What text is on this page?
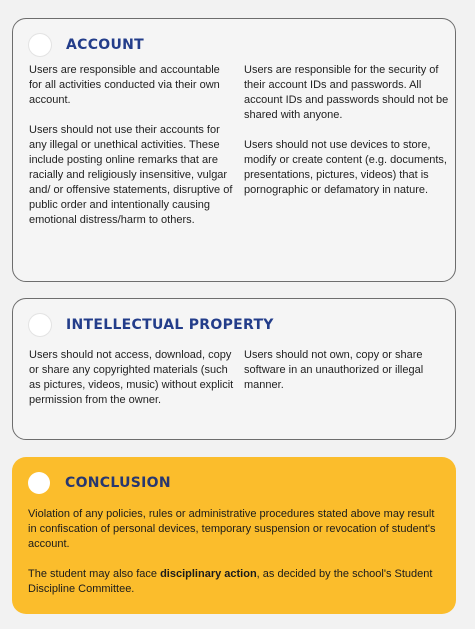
ACCOUNT

Users are responsible and accountable for all activities conducted via their own account.

Users should not use their accounts for any illegal or unethical activities. These include posting online remarks that are racially and religiously insensitive, vulgar and/ or offensive statements, disruptive of public order and intentionally causing emotional distress/harm to others.

Users are responsible for the security of their account IDs and passwords. All account IDs and passwords should not be shared with anyone.

Users should not use devices to store, modify or create content (e.g. documents, presentations, pictures, videos) that is pornographic or defamatory in nature.

INTELLECTUAL PROPERTY

Users should not access, download, copy or share any copyrighted materials (such as pictures, videos, music) without explicit permission from the owner.

Users should not own, copy or share software in an unauthorized or illegal manner.

CONCLUSION

Violation of any policies, rules or administrative procedures stated above may result in confiscation of personal devices, temporary suspension or revocation of student's account.

The student may also face disciplinary action, as decided by the school's Student Discipline Committee.
